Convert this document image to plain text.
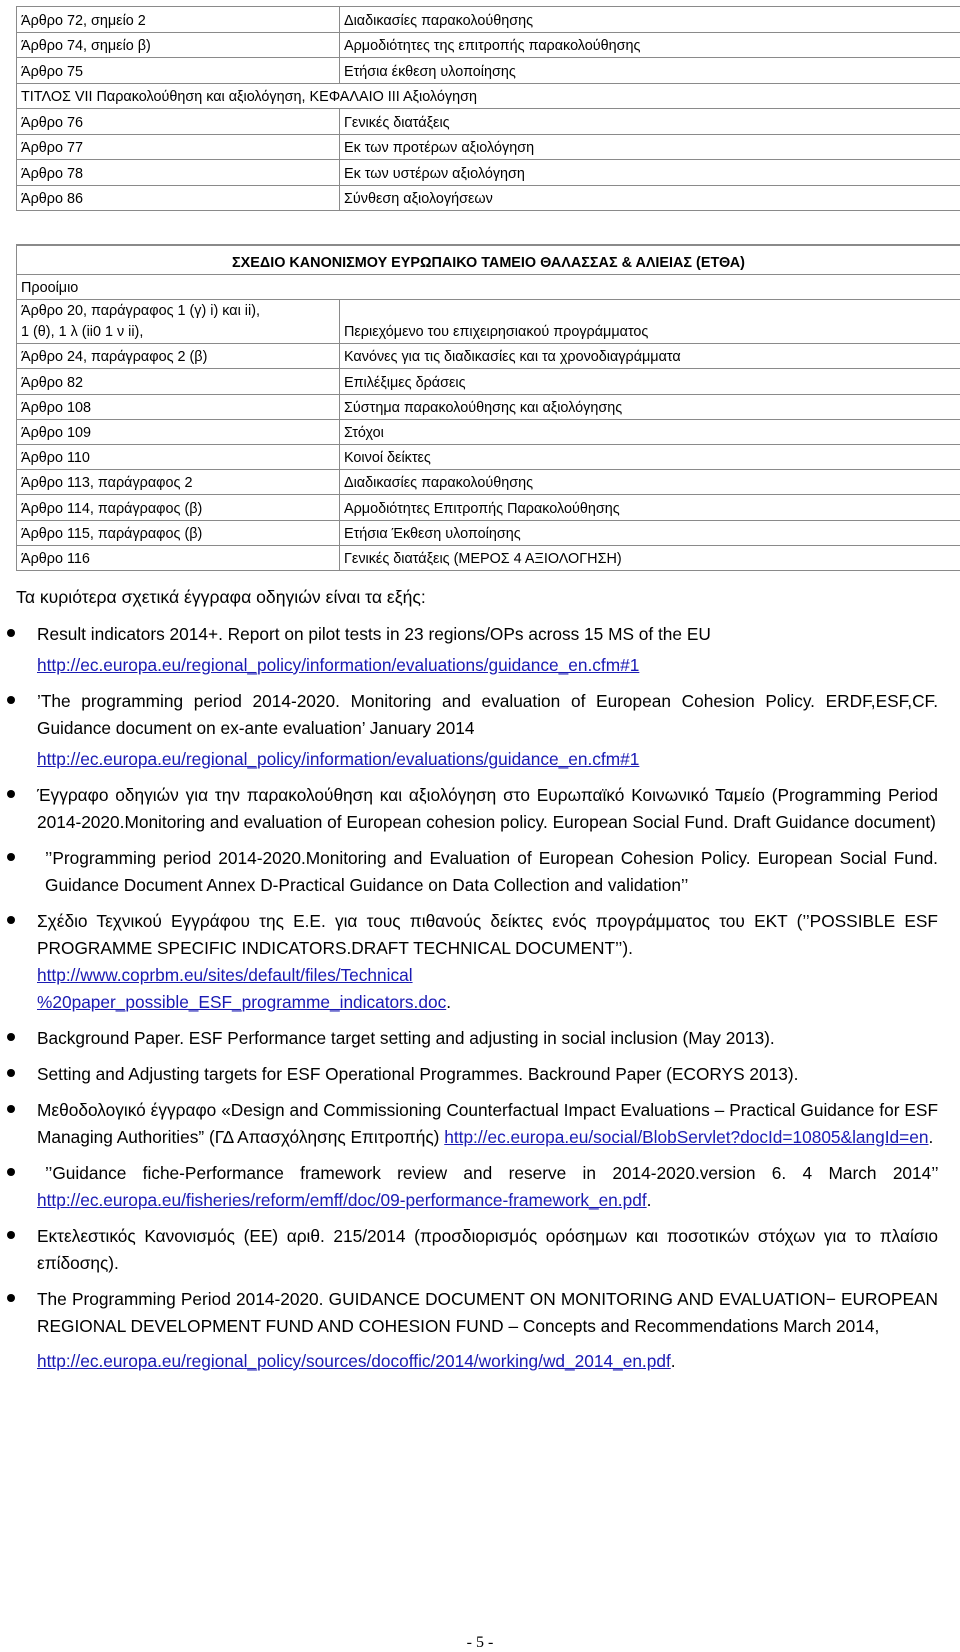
Άρθρο 72, σημείο 2	Διαδικασίες παρακολούθησης
Άρθρο 74, σημείο β)	Αρμοδιότητες της επιτροπής παρακολούθησης
Άρθρο 75	Ετήσια έκθεση υλοποίησης
ΤΙΤΛΟΣ VII Παρακολούθηση και αξιολόγηση, ΚΕΦΑΛΑΙΟ ΙΙΙ Αξιολόγηση	
Άρθρο 76	Γενικές διατάξεις
Άρθρο 77	Εκ των προτέρων αξιολόγηση
Άρθρο 78	Εκ των υστέρων αξιολόγηση
Άρθρο 86	Σύνθεση αξιολογήσεων
ΣΧΕΔΙΟ ΚΑΝΟΝΙΣΜΟΥ ΕΥΡΩΠΑΙΚΟ ΤΑΜΕΙΟ ΘΑΛΑΣΣΑΣ & ΑΛΙΕΙΑΣ (ΕΤΘΑ)	
Προοίμιο	

Άρθρο 20, παράγραφος 1 (γ) i) και ii),
1 (θ), 1 λ (ii0 1 ν ii),	Περιεχόμενο του επιχειρησιακού προγράμματος
Άρθρο 24, παράγραφος 2 (β)	Κανόνες για τις διαδικασίες και τα χρονοδιαγράμματα
Άρθρο 82	Επιλέξιμες δράσεις
Άρθρο 108	Σύστημα παρακολούθησης και αξιολόγησης
Άρθρο 109	Στόχοι
Άρθρο 110	Κοινοί δείκτες
Άρθρο 113, παράγραφος 2	Διαδικασίες παρακολούθησης
Άρθρο 114, παράγραφος (β)	Αρμοδιότητες Επιτροπής Παρακολούθησης
Άρθρο 115, παράγραφος (β)	Ετήσια Έκθεση υλοποίησης
Άρθρο 116	Γενικές διατάξεις (ΜΕΡΟΣ 4 ΑΞΙΟΛΟΓΗΣΗ)
Τα κυριότερα σχετικά έγγραφα οδηγιών είναι τα εξής:
Result indicators 2014+. Report on pilot tests in 23 regions/OPs across 15 MS of the EU
http://ec.europa.eu/regional_policy/information/evaluations/guidance_en.cfm#1
’The programming period 2014-2020. Monitoring and evaluation of European Cohesion Policy. ERDF,ESF,CF. Guidance document on ex-ante evaluation’ January 2014
http://ec.europa.eu/regional_policy/information/evaluations/guidance_en.cfm#1
Έγγραφο οδηγιών για την παρακολούθηση και αξιολόγηση στο Ευρωπαϊκό Κοινωνικό Ταμείο (Programming Period 2014-2020.Monitoring and evaluation of European cohesion policy. European Social Fund. Draft Guidance document)
’’Programming period 2014-2020.Monitoring and Evaluation of European Cohesion Policy. European Social Fund. Guidance Document Annex D-Practical Guidance on Data Collection and validation’’
Σχέδιο Τεχνικού Εγγράφου της Ε.Ε. για τους πιθανούς δείκτες ενός προγράμματος του ΕΚΤ (’’POSSIBLE ESF PROGRAMME SPECIFIC INDICATORS.DRAFT TECHNICAL DOCUMENT’’).
http://www.coprbm.eu/sites/default/files/Technical
%20paper_possible_ESF_programme_indicators.doc.
Background Paper. ESF Performance target setting and adjusting in social inclusion (May 2013).
Setting and Adjusting targets for ESF Operational Programmes. Backround Paper (ECORYS 2013).
Μεθοδολογικό έγγραφο «Design and Commissioning Counterfactual Impact Evaluations – Practical Guidance for ESF Managing Authorities” (ΓΔ Απασχόλησης Επιτροπής) http://ec.europa.eu/social/BlobServlet?docId=10805&langId=en.
’’Guidance fiche-Performance framework review and reserve in 2014-2020.version 6. 4 March 2014’’ http://ec.europa.eu/fisheries/reform/emff/doc/09-performance-framework_en.pdf.
Εκτελεστικός Κανονισμός (ΕΕ) αριθ. 215/2014 (προσδιορισμός ορόσημων και ποσοτικών στόχων για το πλαίσιο επίδοσης).
The Programming Period 2014-2020. GUIDANCE DOCUMENT ON MONITORING AND EVALUATION− EUROPEAN REGIONAL DEVELOPMENT FUND AND COHESION FUND – Concepts and Recommendations March 2014,
http://ec.europa.eu/regional_policy/sources/docoffic/2014/working/wd_2014_en.pdf.
- 5 -
